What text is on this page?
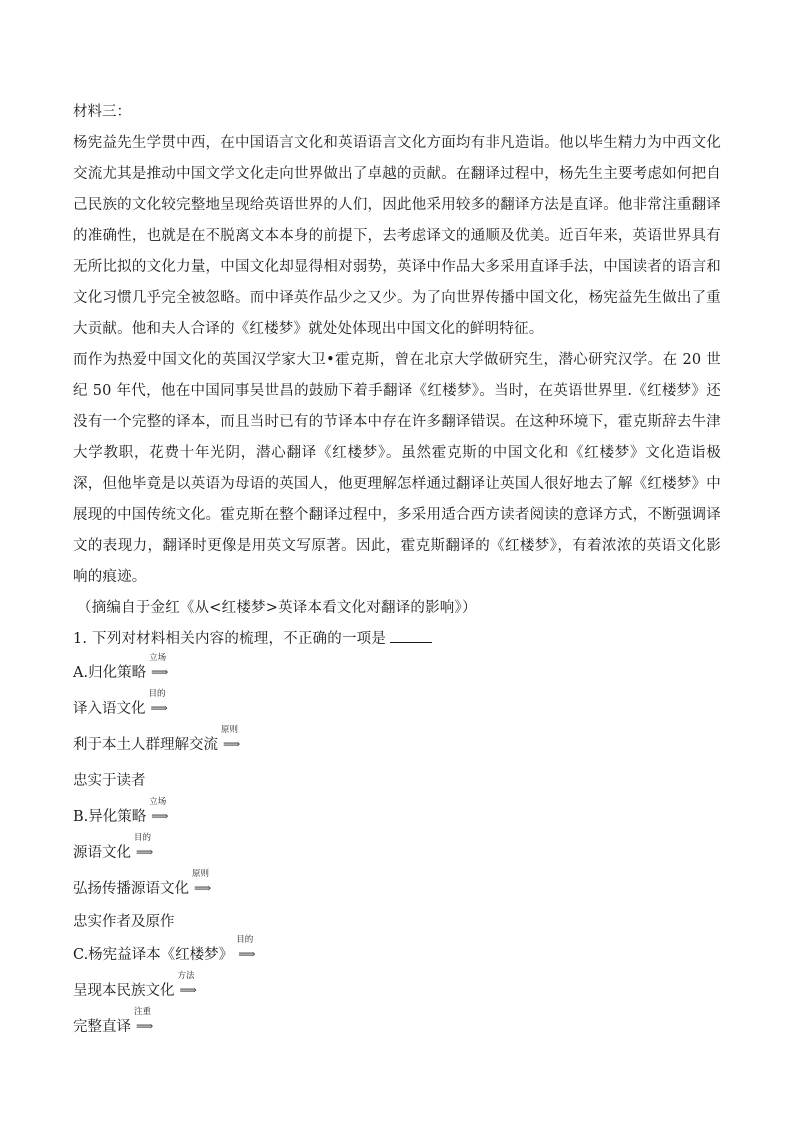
材料三：

杨宪益先生学贯中西，在中国语言文化和英语语言文化方面均有非凡造诣。他以毕生精力为中西文化交流尤其是推动中国文学文化走向世界做出了卓越的贡献。在翻译过程中，杨先生主要考虑如何把自己民族的文化较完整地呈现给英语世界的人们，因此他采用较多的翻译方法是直译。他非常注重翻译的准确性，也就是在不脱离文本本身的前提下，去考虑译文的通顺及优美。近百年来，英语世界具有无所比拟的文化力量，中国文化却显得相对弱势，英译中作品大多采用直译手法，中国读者的语言和文化习惯几乎完全被忽略。而中译英作品少之又少。为了向世界传播中国文化，杨宪益先生做出了重大贡献。他和夫人合译的《红楼梦》就处处体现出中国文化的鲜明特征。

而作为热爱中国文化的英国汉学家大卫•霍克斯，曾在北京大学做研究生，潜心研究汉学。在 20 世纪 50 年代，他在中国同事吴世昌的鼓励下着手翻译《红楼梦》。当时，在英语世界里.《红楼梦》还没有一个完整的译本，而且当时已有的节译本中存在许多翻译错误。在这种环境下，霍克斯辞去牛津大学教职，花费十年光阴，潜心翻译《红楼梦》。虽然霍克斯的中国文化和《红楼梦》文化造诣极深，但他毕竟是以英语为母语的英国人，他更理解怎样通过翻译让英国人很好地去了解《红楼梦》中展现的中国传统文化。霍克斯在整个翻译过程中，多采用适合西方读者阅读的意译方式，不断强调译文的表现力，翻译时更像是用英文写原著。因此，霍克斯翻译的《红楼梦》，有着浓浓的英语文化影响的痕迹。

（摘编自于金红《从<红楼梦>英译本看文化对翻译的影响》）

1. 下列对材料相关内容的梳理，不正确的一项是

A.归化策略
立场
⟹

译入语文化
目的
⟹

利于本土人群理解交流
原则
⟹

忠实于读者

B.异化策略
立场
⟹

源语文化
目的
⟹

弘扬传播源语文化
原则
⟹

忠实作者及原作

C.杨宪益译本《红楼梦》
目的
⟹

呈现本民族文化
方法
⟹

完整直译
注重
⟹
